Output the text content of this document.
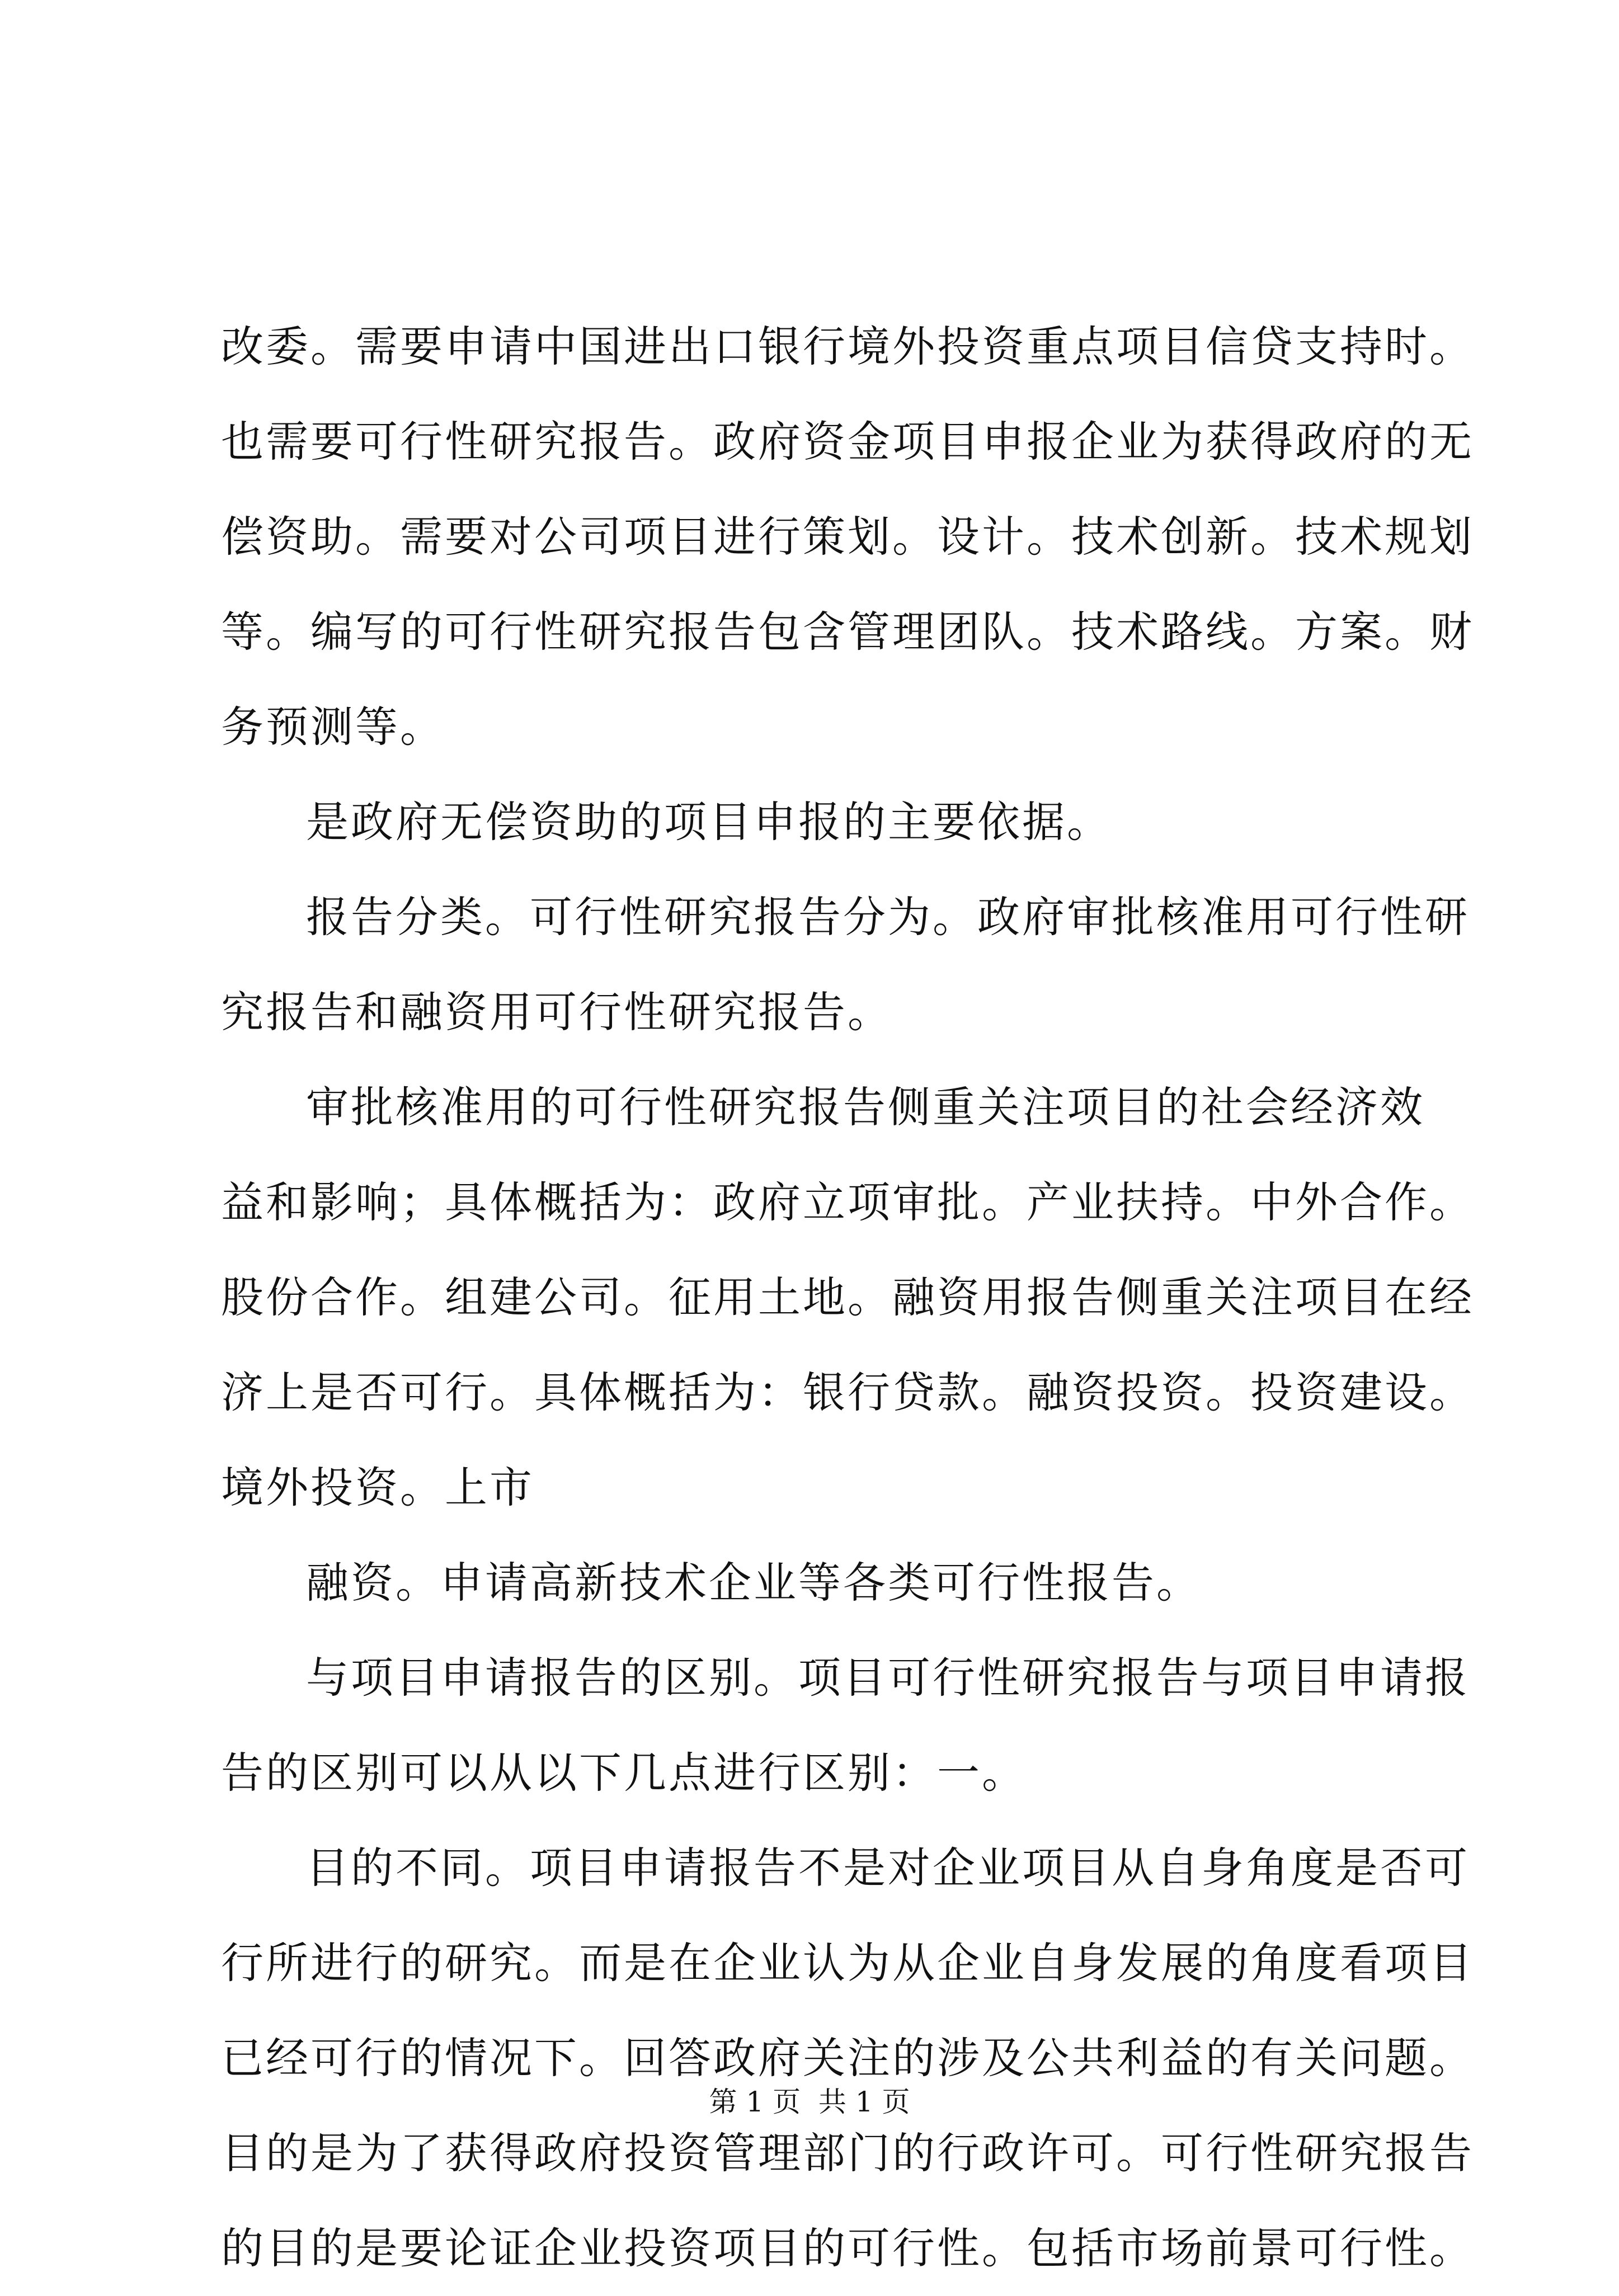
改委。需要申请中国进出口银行境外投资重点项目信贷支持时。
也需要可行性研究报告。政府资金项目申报企业为获得政府的无
偿资助。需要对公司项目进行策划。设计。技术创新。技术规划
等。编写的可行性研究报告包含管理团队。技术路线。方案。财
务预测等。
是政府无偿资助的项目申报的主要依据。
报告分类。可行性研究报告分为。政府审批核准用可行性研
究报告和融资用可行性研究报告。
审批核准用的可行性研究报告侧重关注项目的社会经济效
益和影响；具体概括为：政府立项审批。产业扶持。中外合作。
股份合作。组建公司。征用土地。融资用报告侧重关注项目在经
济上是否可行。具体概括为：银行贷款。融资投资。投资建设。
境外投资。上市
融资。申请高新技术企业等各类可行性报告。
与项目申请报告的区别。项目可行性研究报告与项目申请报
告的区别可以从以下几点进行区别：一。
目的不同。项目申请报告不是对企业项目从自身角度是否可
行所进行的研究。而是在企业认为从企业自身发展的角度看项目
已经可行的情况下。回答政府关注的涉及公共利益的有关问题。
目的是为了获得政府投资管理部门的行政许可。可行性研究报告
的目的是要论证企业投资项目的可行性。包括市场前景可行性。
第 1 页  共 1 页
